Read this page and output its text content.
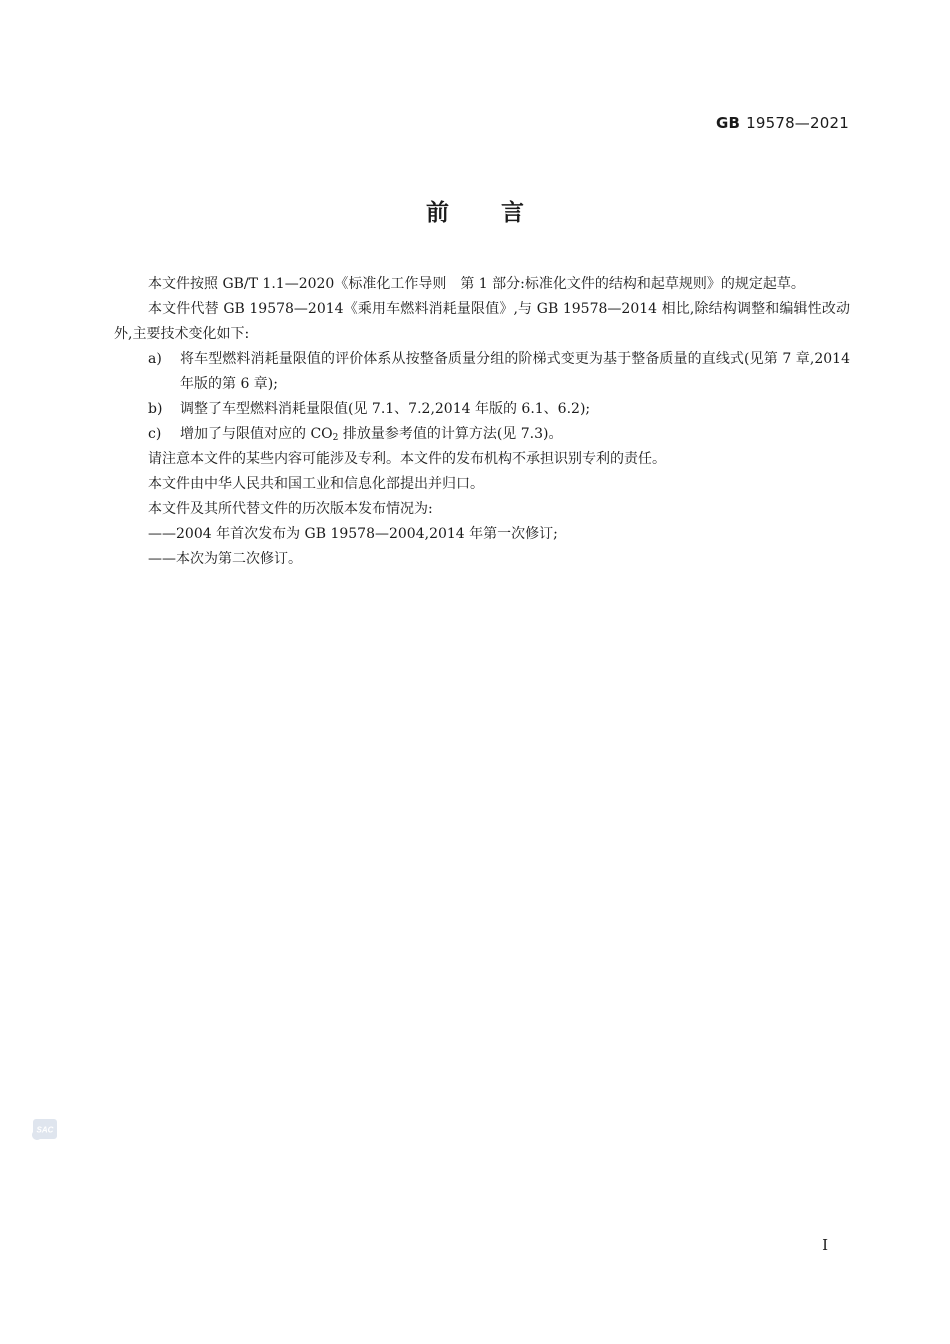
GB 19578—2021
前言

本文件按照 GB/T 1.1—2020《标准化工作导则　第 1 部分:标准化文件的结构和起草规则》的规定起草。

本文件代替 GB 19578—2014《乘用车燃料消耗量限值》,与 GB 19578—2014 相比,除结构调整和编辑性改动外,主要技术变化如下:

a) 将车型燃料消耗量限值的评价体系从按整备质量分组的阶梯式变更为基于整备质量的直线式(见第 7 章,2014 年版的第 6 章);
b) 调整了车型燃料消耗量限值(见 7.1、7.2,2014 年版的 6.1、6.2);
c) 增加了与限值对应的 $CO_2$ 排放量参考值的计算方法(见 7.3)。

请注意本文件的某些内容可能涉及专利。本文件的发布机构不承担识别专利的责任。

本文件由中华人民共和国工业和信息化部提出并归口。

本文件及其所代替文件的历次版本发布情况为:

——2004 年首次发布为 GB 19578—2004,2014 年第一次修订;

——本次为第二次修订。

SAC
I
